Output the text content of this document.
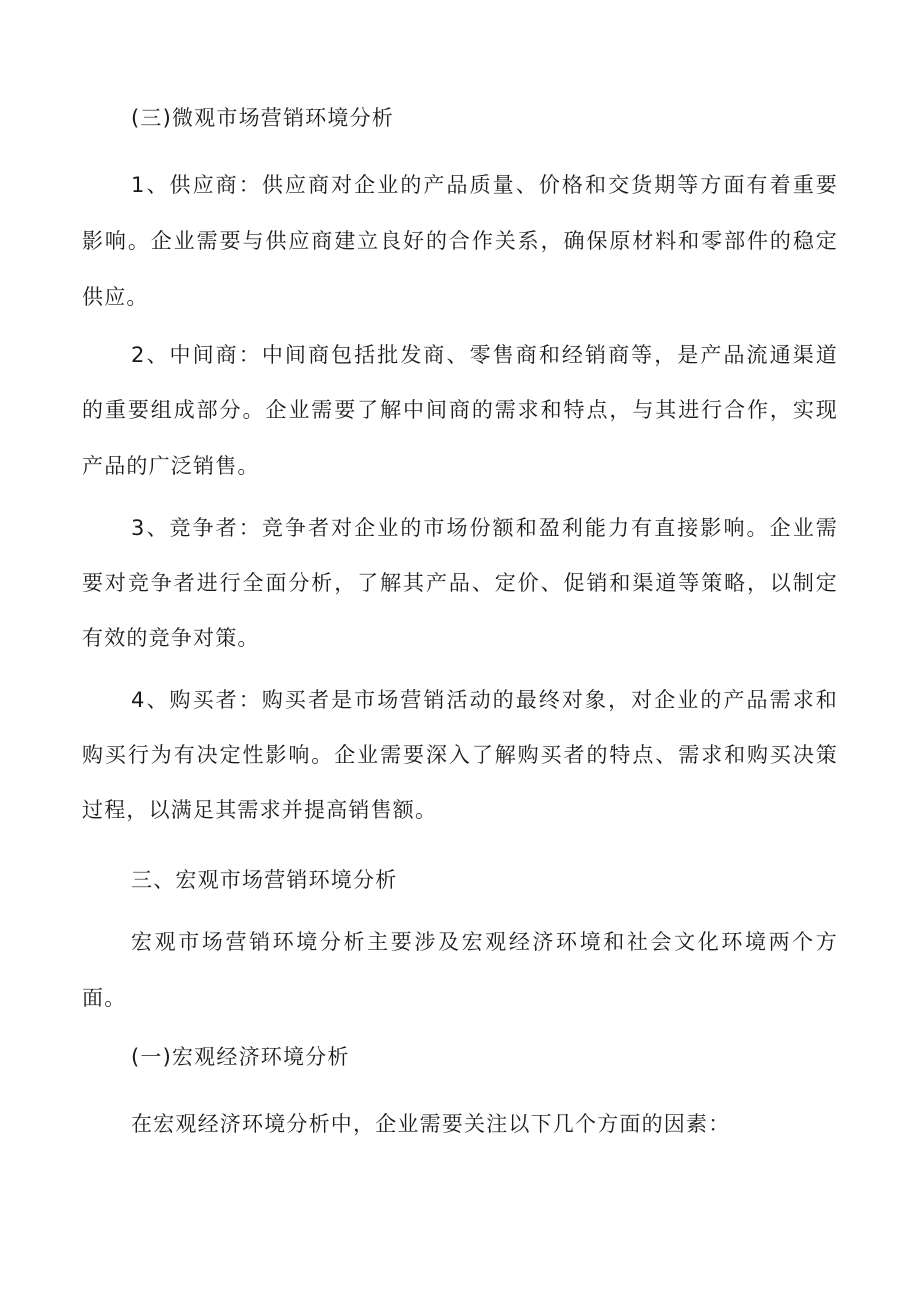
(三)微观市场营销环境分析
1、供应商：供应商对企业的产品质量、价格和交货期等方面有着重要
影响。企业需要与供应商建立良好的合作关系，确保原材料和零部件的稳定
供应。
2、中间商：中间商包括批发商、零售商和经销商等，是产品流通渠道
的重要组成部分。企业需要了解中间商的需求和特点，与其进行合作，实现
产品的广泛销售。
3、竞争者：竞争者对企业的市场份额和盈利能力有直接影响。企业需
要对竞争者进行全面分析，了解其产品、定价、促销和渠道等策略，以制定
有效的竞争对策。
4、购买者：购买者是市场营销活动的最终对象，对企业的产品需求和
购买行为有决定性影响。企业需要深入了解购买者的特点、需求和购买决策
过程，以满足其需求并提高销售额。
三、宏观市场营销环境分析
宏观市场营销环境分析主要涉及宏观经济环境和社会文化环境两个方
面。
(一)宏观经济环境分析
在宏观经济环境分析中，企业需要关注以下几个方面的因素：
